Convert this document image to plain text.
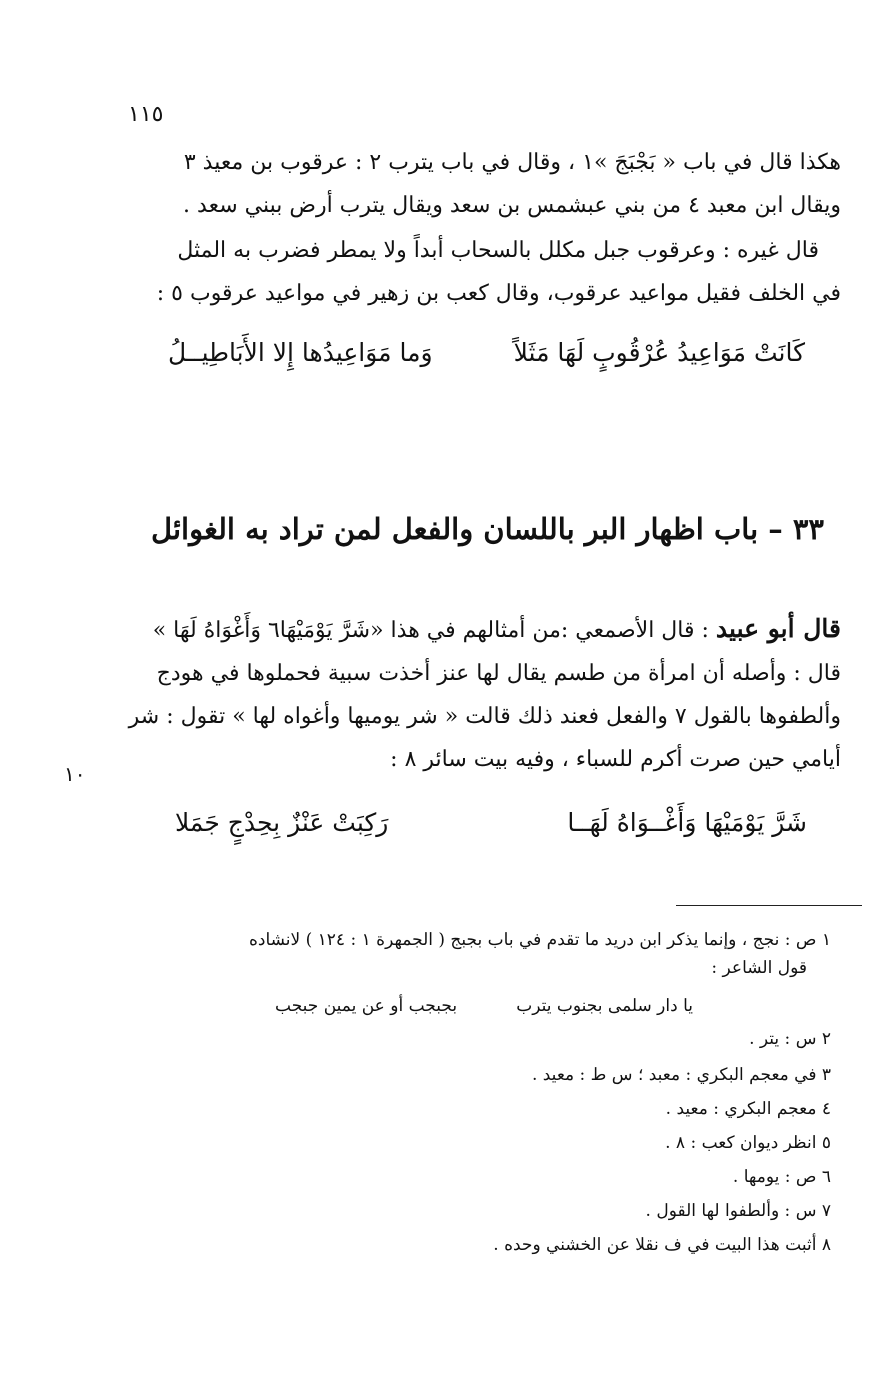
١١٥
هكذا قال في باب « بَجْبَجَ »١ ، وقال في باب يترب ٢ : عرقوب بن معيذ ٣
ويقال ابن معبد ٤ من بني عبشمس بن سعد ويقال يترب أرض ببني سعد .
قال غيره : وعرقوب جبل مكلل بالسحاب أبداً ولا يمطر فضرب به المثل
في الخلف فقيل مواعيد عرقوب، وقال كعب بن زهير في مواعيد عرقوب ٥ :
كَانَتْ مَوَاعِيدُ عُرْقُوبٍ لَهَا مَثَلاً
وَما مَوَاعِيدُها إِلا الأَبَاطِيــلُ
٣٣ – باب اظهار البر باللسان والفعل لمن تراد به الغوائل
قال أبو عبيد : قال الأصمعي :من أمثالهم في هذا «شَرَّ يَوْمَيْهَا٦ وَأَغْوَاهُ لَهَا »
قال : وأصله أن امرأة من طسم يقال لها عنز أخذت سبية فحملوها في هودج
وألطفوها بالقول ٧ والفعل فعند ذلك قالت « شر يوميها وأغواه لها » تقول : شر
أيامي حين صرت أكرم للسباء ، وفيه بيت سائر ٨ :
١٠
شَرَّ يَوْمَيْهَا وَأَغْــوَاهُ لَهَــا
رَكِبَتْ عَنْزٌ بِحِدْجٍ جَمَلا
١ ص : نجج ، وإنما يذكر ابن دريد ما تقدم في باب بجبج ( الجمهرة ١ : ١٢٤ ) لانشاده
قول الشاعر :
يا دار سلمى بجنوب يترب
بجبجب أو عن يمين جبجب
٢ س : يتر .
٣ في معجم البكري : معبد ؛ س ط : معيد .
٤ معجم البكري : معيد .
٥ انظر ديوان كعب : ٨ .
٦ ص : يومها .
٧ س : وألطفوا لها القول .
٨ أثبت هذا البيت في ف نقلا عن الخشني وحده .
